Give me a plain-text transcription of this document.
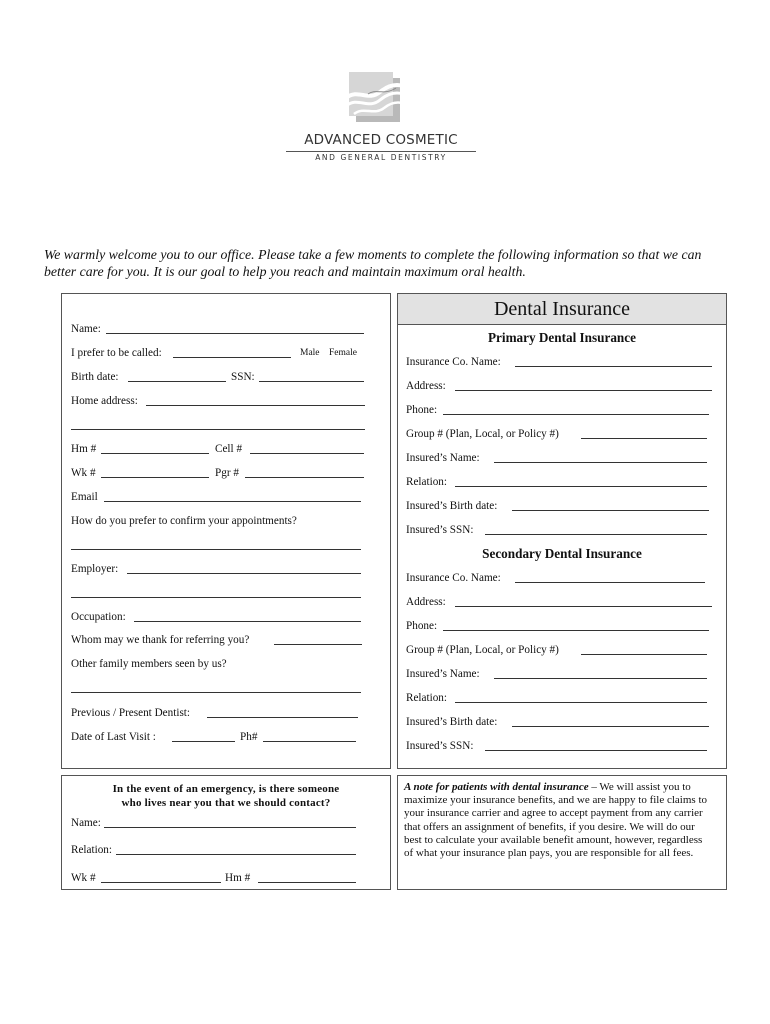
ADVANCED COSMETIC
AND GENERAL DENTISTRY
We warmly welcome you to our office. Please take a few moments to complete the following information so that we can better care for you. It is our goal to help you reach and maintain maximum oral health.
Name:
I prefer to be called:	Male Female
Birth date:	SSN:
Home address:
Hm #	Cell #
Wk #	Pgr #
Email
How do you prefer to confirm your appointments?
Employer:
Occupation:
Whom may we thank for referring you?
Other family members seen by us?
Previous / Present Dentist:
Date of Last Visit :	Ph#
In the event of an emergency, is there someone
who lives near you that we should contact?
Name:
Relation:
Wk #	Hm #
Dental Insurance
Primary Dental Insurance
Insurance Co. Name:
Address:
Phone:
Group # (Plan, Local, or Policy #)
Insured’s Name:
Relation:
Insured’s Birth date:
Insured’s SSN:
Secondary Dental Insurance
Insurance Co. Name:
Address:
Phone:
Group # (Plan, Local, or Policy #)
Insured’s Name:
Relation:
Insured’s Birth date:
Insured’s SSN:
A note for patients with dental insurance – We will assist you to maximize your insurance benefits, and we are happy to file claims to your insurance carrier and agree to accept payment from any carrier that offers an assignment of benefits, if you desire. We will do our best to calculate your available benefit amount, however, regardless of what your insurance plan pays, you are responsible for all fees.
